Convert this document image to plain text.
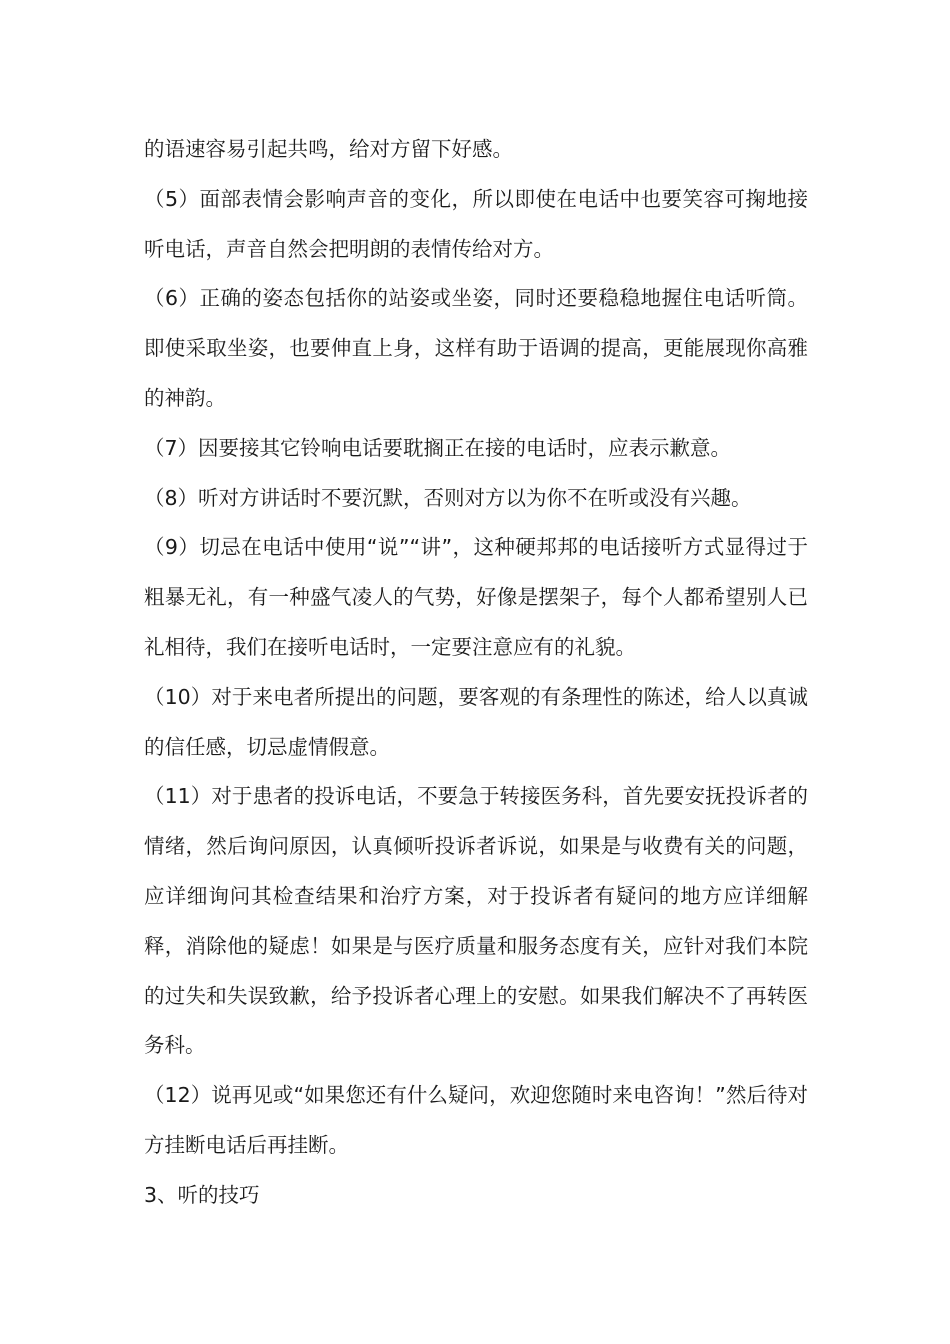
的语速容易引起共鸣，给对方留下好感。

（5）面部表情会影响声音的变化，所以即使在电话中也要笑容可掬地接听电话，声音自然会把明朗的表情传给对方。

（6）正确的姿态包括你的站姿或坐姿，同时还要稳稳地握住电话听筒。即使采取坐姿，也要伸直上身，这样有助于语调的提高，更能展现你高雅的神韵。

（7）因要接其它铃响电话要耽搁正在接的电话时，应表示歉意。

（8）听对方讲话时不要沉默，否则对方以为你不在听或没有兴趣。

（9）切忌在电话中使用“说”“讲”，这种硬邦邦的电话接听方式显得过于粗暴无礼，有一种盛气凌人的气势，好像是摆架子，每个人都希望别人已礼相待，我们在接听电话时，一定要注意应有的礼貌。

（10）对于来电者所提出的问题，要客观的有条理性的陈述，给人以真诚的信任感，切忌虚情假意。

（11）对于患者的投诉电话，不要急于转接医务科，首先要安抚投诉者的情绪，然后询问原因，认真倾听投诉者诉说，如果是与收费有关的问题，应详细询问其检查结果和治疗方案，对于投诉者有疑问的地方应详细解释，消除他的疑虑！如果是与医疗质量和服务态度有关，应针对我们本院的过失和失误致歉，给予投诉者心理上的安慰。如果我们解决不了再转医务科。

（12）说再见或“如果您还有什么疑问，欢迎您随时来电咨询！”然后待对方挂断电话后再挂断。

3、听的技巧
